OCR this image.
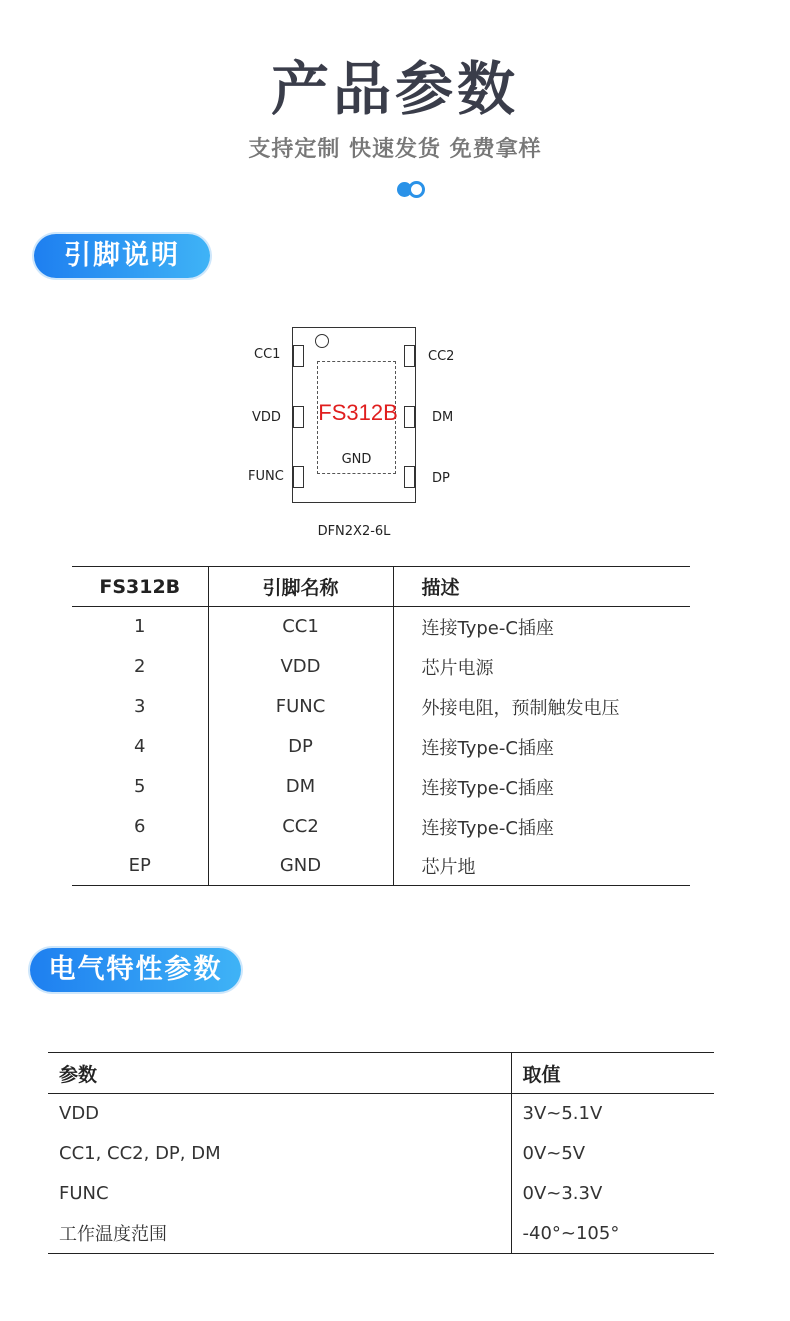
产品参数
支持定制 快速发货 免费拿样
引脚说明
CC1
VDD
FUNC
CC2
DM
DP
FS312B
GND
DFN2X2-6L
FS312B	引脚名称	描述
1	CC1	连接Type-C插座
2	VDD	芯片电源
3	FUNC	外接电阻，预制触发电压
4	DP	连接Type-C插座
5	DM	连接Type-C插座
6	CC2	连接Type-C插座
EP	GND	芯片地
电气特性参数
参数	取值
VDD	3V~5.1V
CC1, CC2, DP, DM	0V~5V
FUNC	0V~3.3V
工作温度范围	-40°~105°
